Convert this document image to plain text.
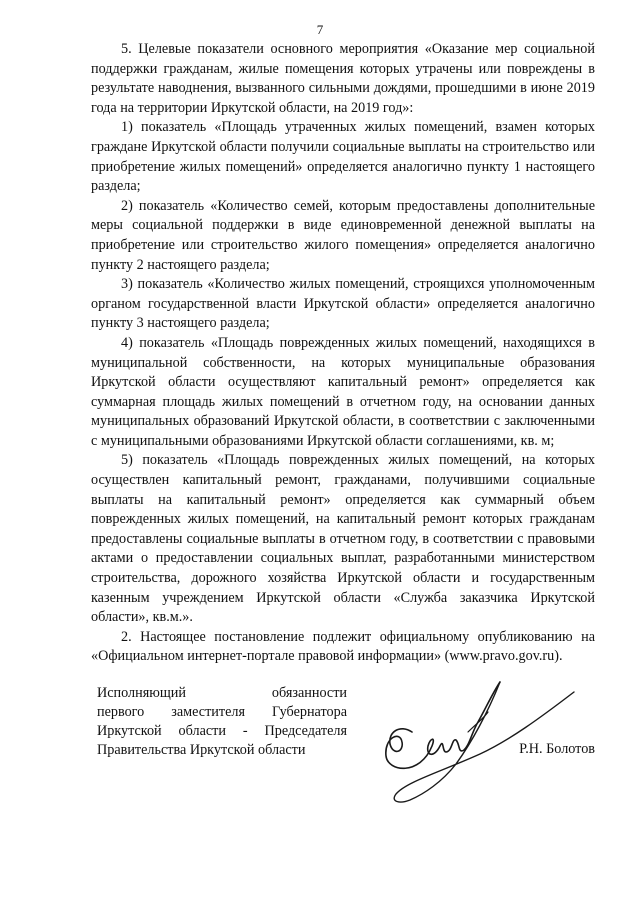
7

5. Целевые показатели основного мероприятия «Оказание мер социальной поддержки гражданам, жилые помещения которых утрачены или повреждены в результате наводнения, вызванного сильными дождями, прошедшими в июне 2019 года на территории Иркутской области, на 2019 год»:

1) показатель «Площадь утраченных жилых помещений, взамен которых граждане Иркутской области получили социальные выплаты на строительство или приобретение жилых помещений» определяется аналогично пункту 1 настоящего раздела;

2) показатель «Количество семей, которым предоставлены дополнительные меры социальной поддержки в виде единовременной денежной выплаты на приобретение или строительство жилого помещения» определяется аналогично пункту 2 настоящего раздела;

3) показатель «Количество жилых помещений, строящихся уполномоченным органом государственной власти Иркутской области» определяется аналогично пункту 3 настоящего раздела;

4) показатель «Площадь поврежденных жилых помещений, находящихся в муниципальной собственности, на которых муниципальные образования Иркутской области осуществляют капитальный ремонт» определяется как суммарная площадь жилых помещений в отчетном году, на основании данных муниципальных образований Иркутской области, в соответствии с заключенными с муниципальными образованиями Иркутской области соглашениями, кв. м;

5) показатель «Площадь поврежденных жилых помещений, на которых осуществлен капитальный ремонт, гражданами, получившими социальные выплаты на капитальный ремонт» определяется как суммарный объем поврежденных жилых помещений, на капитальный ремонт которых гражданам предоставлены социальные выплаты в отчетном году, в соответствии с правовыми актами о предоставлении социальных выплат, разработанными министерством строительства, дорожного хозяйства Иркутской области и государственным казенным учреждением Иркутской области «Служба заказчика Иркутской области», кв.м.».

2. Настоящее постановление подлежит официальному опубликованию на «Официальном интернет-портале правовой информации» (www.pravo.gov.ru).

Исполняющий обязанности
первого заместителя Губернатора
Иркутской области - Председателя
Правительства Иркутской области	Р.Н. Болотов
